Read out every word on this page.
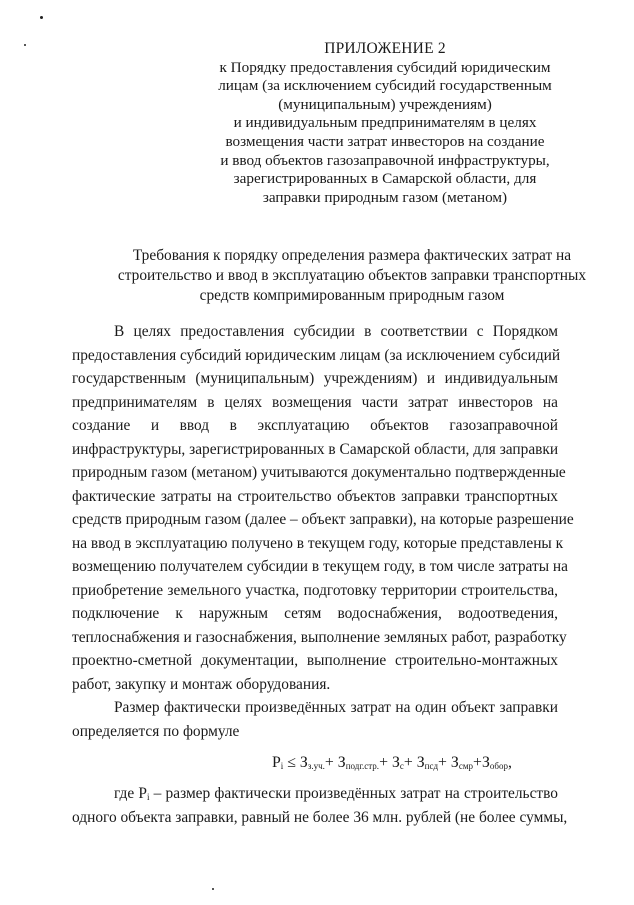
ПРИЛОЖЕНИЕ 2
к Порядку предоставления субсидий юридическим
лицам (за исключением субсидий государственным
(муниципальным) учреждениям)
и индивидуальным предпринимателям в целях
возмещения части затрат инвесторов на создание
и ввод объектов газозаправочной инфраструктуры,
зарегистрированных в Самарской области, для
заправки природным газом (метаном)
Требования к порядку определения размера фактических затрат на
строительство и ввод в эксплуатацию объектов заправки транспортных
средств компримированным природным газом
В целях предоставления субсидии в соответствии с Порядком
предоставления субсидий юридическим лицам (за исключением субсидий
государственным (муниципальным) учреждениям) и индивидуальным
предпринимателям в целях возмещения части затрат инвесторов на
создание и ввод в эксплуатацию объектов газозаправочной
инфраструктуры, зарегистрированных в Самарской области, для заправки
природным газом (метаном) учитываются документально подтвержденные
фактические затраты на строительство объектов заправки транспортных
средств природным газом (далее – объект заправки), на которые разрешение
на ввод в эксплуатацию получено в текущем году, которые представлены к
возмещению получателем субсидии в текущем году, в том числе затраты на
приобретение земельного участка, подготовку территории строительства,
подключение к наружным сетям водоснабжения, водоотведения,
теплоснабжения и газоснабжения, выполнение земляных работ, разработку
проектно-сметной документации, выполнение строительно-монтажных
работ, закупку и монтаж оборудования.
Размер фактически произведённых затрат на один объект заправки
определяется по формуле
$P_i \le З_{з.уч.}+ З_{подг.стр.}+ З_с+ З_{псд}+ З_{смр}+З_{обор}$,
где $P_i$ – размер фактически произведённых затрат на строительство
одного объекта заправки, равный не более 36 млн. рублей (не более суммы,
